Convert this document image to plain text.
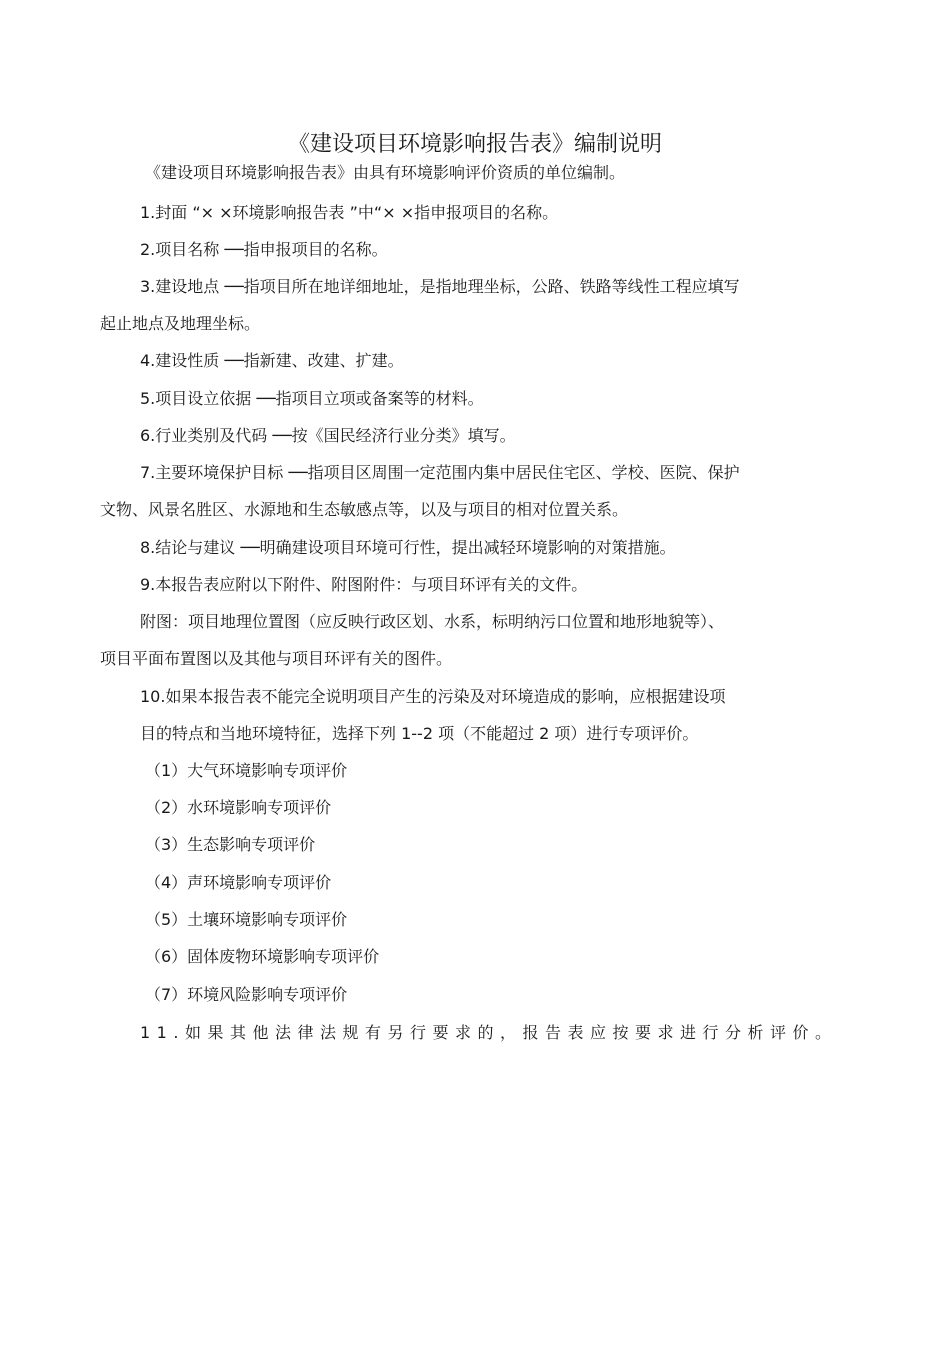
《建设项目环境影响报告表》编制说明
《建设项目环境影响报告表》由具有环境影响评价资质的单位编制。
1.封面 “× ×环境影响报告表 ”中“× ×指申报项目的名称。
2.项目名称 ──指申报项目的名称。
3.建设地点 ──指项目所在地详细地址，是指地理坐标，公路、铁路等线性工程应填写
起止地点及地理坐标。
4.建设性质 ──指新建、改建、扩建。
5.项目设立依据 ──指项目立项或备案等的材料。
6.行业类别及代码 ──按《国民经济行业分类》填写。
7.主要环境保护目标 ──指项目区周围一定范围内集中居民住宅区、学校、医院、保护
文物、风景名胜区、水源地和生态敏感点等，以及与项目的相对位置关系。
8.结论与建议 ──明确建设项目环境可行性，提出减轻环境影响的对策措施。
9.本报告表应附以下附件、附图附件：与项目环评有关的文件。
附图：项目地理位置图（应反映行政区划、水系，标明纳污口位置和地形地貌等）、
项目平面布置图以及其他与项目环评有关的图件。
10.如果本报告表不能完全说明项目产生的污染及对环境造成的影响，应根据建设项
目的特点和当地环境特征，选择下列 1--2 项（不能超过 2 项）进行专项评价。
（1）大气环境影响专项评价
（2）水环境影响专项评价
（3）生态影响专项评价
（4）声环境影响专项评价
（5）土壤环境影响专项评价
（6）固体废物环境影响专项评价
（7）环境风险影响专项评价
11.如果其他法律法规有另行要求的，报告表应按要求进行分析评价。
